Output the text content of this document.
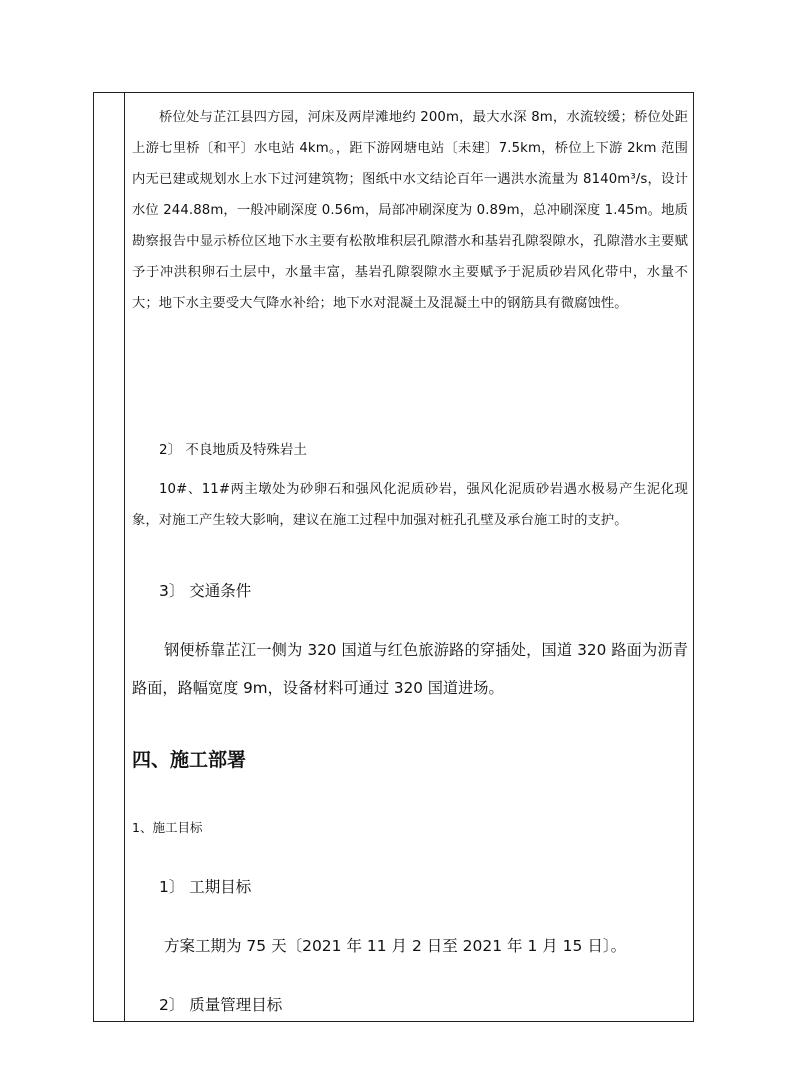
桥位处与芷江县四方园，河床及两岸滩地约 200m，最大水深 8m，水流较缓；桥位处距上游七里桥〔和平〕水电站 4km。，距下游网塘电站〔未建〕7.5km，桥位上下游 2km 范围内无已建或规划水上水下过河建筑物；图纸中水文结论百年一遇洪水流量为 8140m³/s，设计水位 244.88m，一般冲刷深度 0.56m，局部冲刷深度为 0.89m，总冲刷深度 1.45m。地质勘察报告中显示桥位区地下水主要有松散堆积层孔隙潜水和基岩孔隙裂隙水，孔隙潜水主要赋予于冲洪积卵石土层中，水量丰富，基岩孔隙裂隙水主要赋予于泥质砂岩风化带中，水量不大；地下水主要受大气降水补给；地下水对混凝土及混凝土中的钢筋具有微腐蚀性。

2〕 不良地质及特殊岩土

10#、11#两主墩处为砂卵石和强风化泥质砂岩，强风化泥质砂岩遇水极易产生泥化现象，对施工产生较大影响，建议在施工过程中加强对桩孔孔壁及承台施工时的支护。

3〕 交通条件

钢便桥靠芷江一侧为 320 国道与红色旅游路的穿插处，国道 320 路面为沥青路面，路幅宽度 9m，设备材料可通过 320 国道进场。

四、施工部署

1、施工目标

1〕 工期目标

方案工期为 75 天〔2021 年 11 月 2 日至 2021 年 1 月 15 日〕。

2〕 质量管理目标
